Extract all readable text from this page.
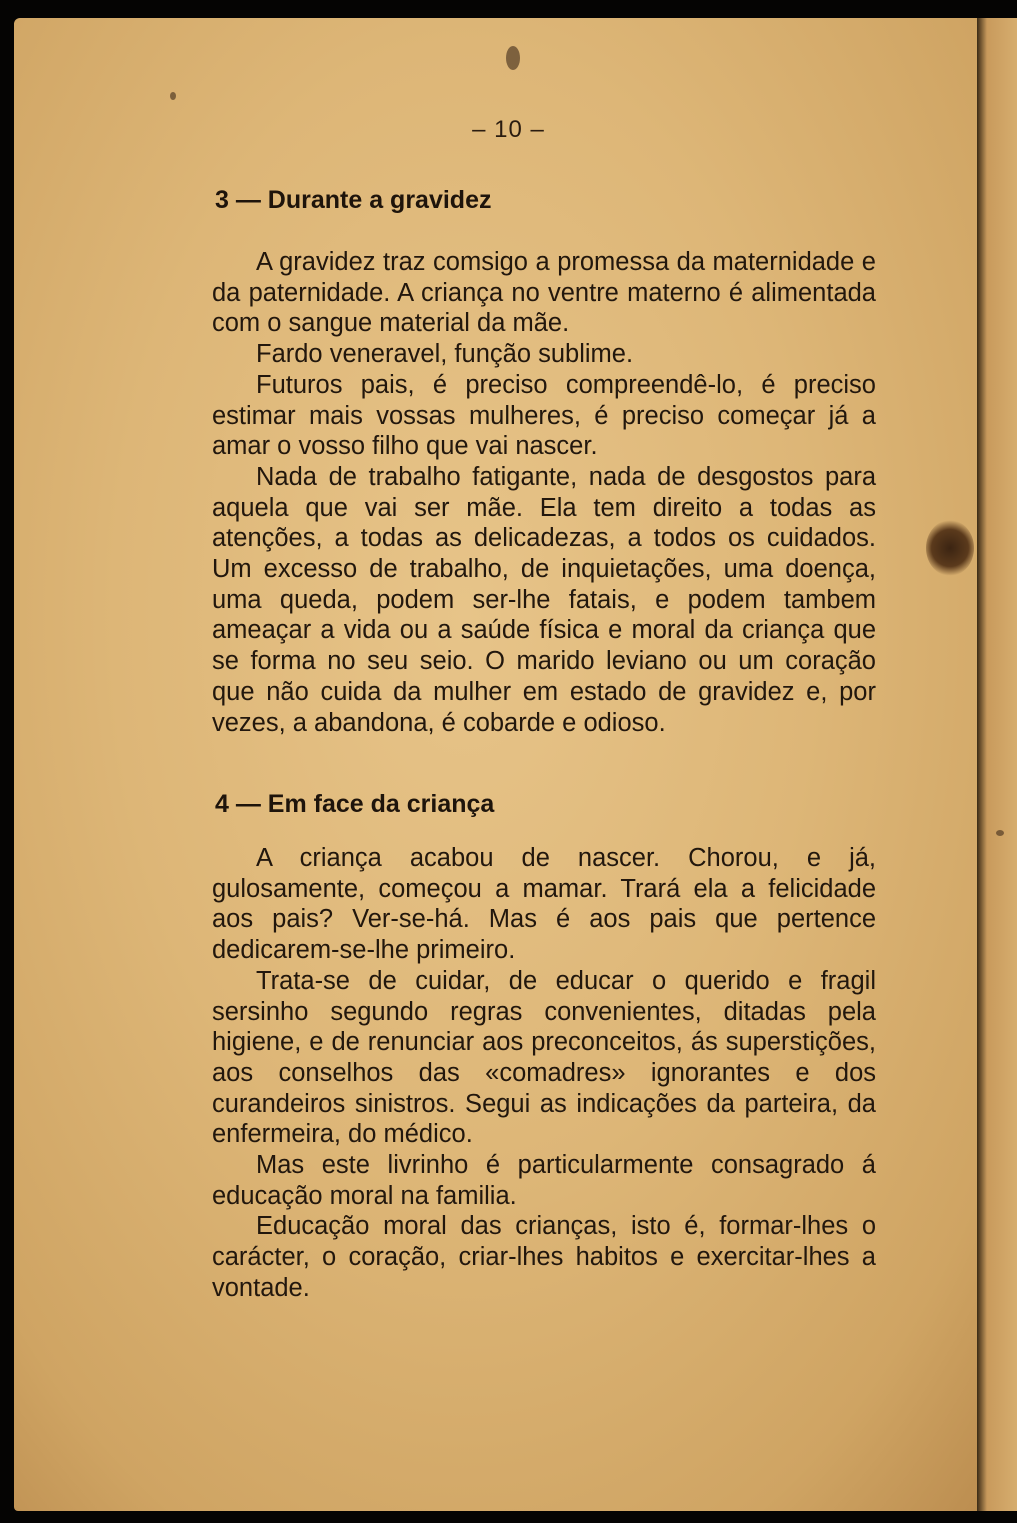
– 10 –
3 — Durante a gravidez

A gravidez traz comsigo a promessa da maternidade e da paternidade. A criança no ventre materno é alimentada com o sangue material da mãe.

Fardo veneravel, função sublime.

Futuros pais, é preciso compreendê-lo, é preciso estimar mais vossas mulheres, é preciso começar já a amar o vosso filho que vai nascer.

Nada de trabalho fatigante, nada de desgostos para aquela que vai ser mãe. Ela tem direito a todas as atenções, a todas as delicadezas, a todos os cuidados. Um excesso de trabalho, de inquietações, uma doença, uma queda, podem ser-lhe fatais, e podem tambem ameaçar a vida ou a saúde física e moral da criança que se forma no seu seio. O marido leviano ou um coração que não cuida da mulher em estado de gravidez e, por vezes, a abandona, é cobarde e odioso.

4 — Em face da criança

A criança acabou de nascer. Chorou, e já, gulosamente, começou a mamar. Trará ela a felicidade aos pais? Ver-se-há. Mas é aos pais que pertence dedicarem-se-lhe primeiro.

Trata-se de cuidar, de educar o querido e fragil sersinho segundo regras convenientes, ditadas pela higiene, e de renunciar aos preconceitos, ás superstições, aos conselhos das «comadres» ignorantes e dos curandeiros sinistros. Segui as indicações da parteira, da enfermeira, do médico.

Mas este livrinho é particularmente consagrado á educação moral na familia.

Educação moral das crianças, isto é, formar-lhes o carácter, o coração, criar-lhes habitos e exercitar-lhes a vontade.
